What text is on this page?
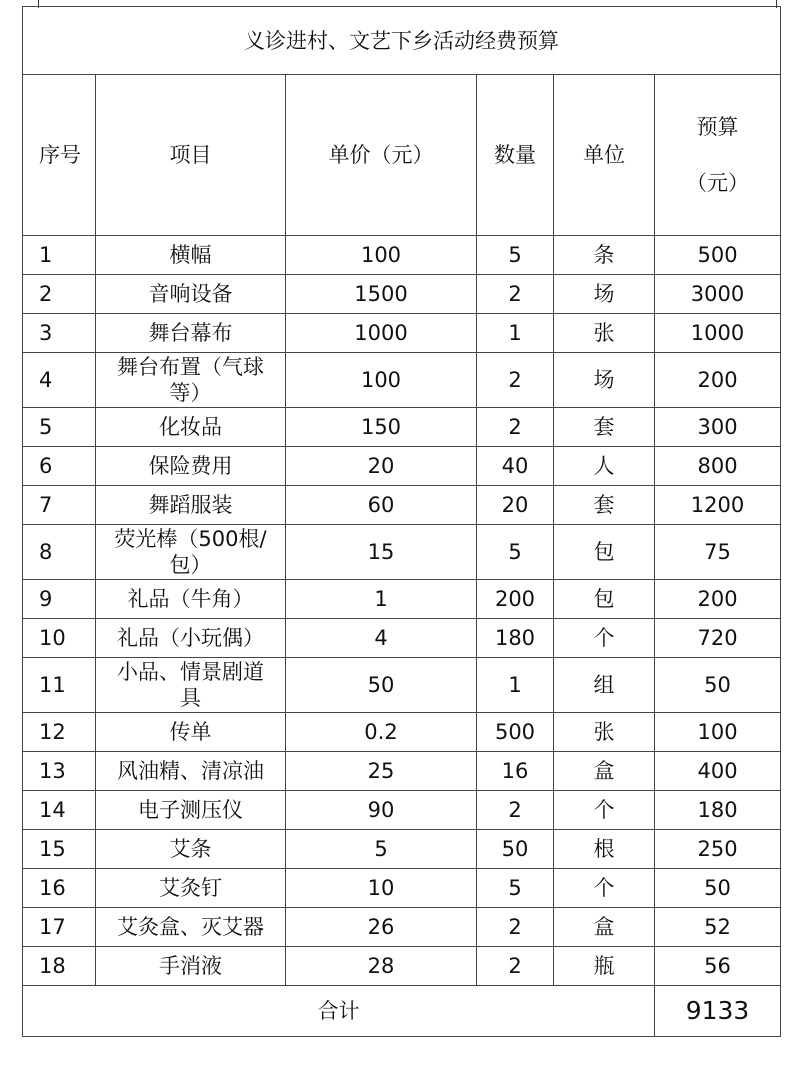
义诊进村、文艺下乡活动经费预算					
序号	项目	单价（元）	数量	单位	预算（元）
1	横幅	100	5	条	500
2	音响设备	1500	2	场	3000
3	舞台幕布	1000	1	张	1000
4	舞台布置（气球等）	100	2	场	200
5	化妆品	150	2	套	300
6	保险费用	20	40	人	800
7	舞蹈服装	60	20	套	1200
8	荧光棒（500根/包）	15	5	包	75
9	礼品（牛角）	1	200	包	200
10	礼品（小玩偶）	4	180	个	720
11	小品、情景剧道具	50	1	组	50
12	传单	0.2	500	张	100
13	风油精、清凉油	25	16	盒	400
14	电子测压仪	90	2	个	180
15	艾条	5	50	根	250
16	艾灸钉	10	5	个	50
17	艾灸盒、灭艾器	26	2	盒	52
18	手消液	28	2	瓶	56
合计					9133
